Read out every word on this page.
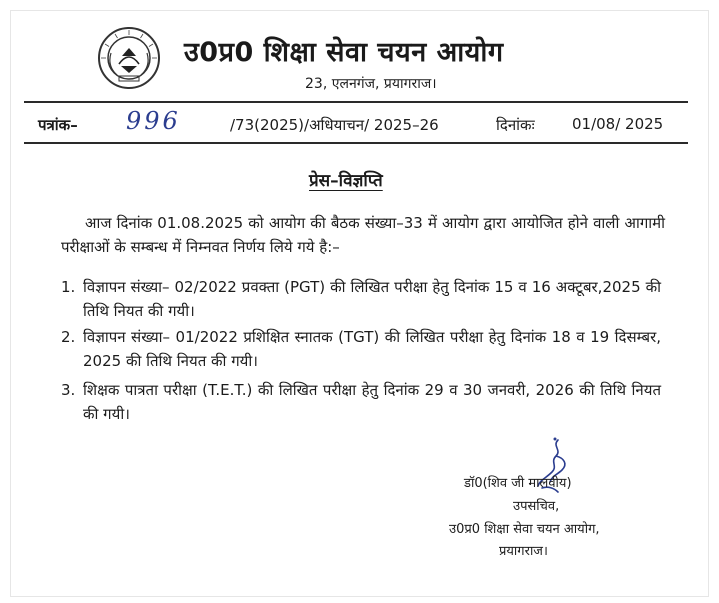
उ0प्र0 शिक्षा सेवा चयन आयोग
23, एलनगंज, प्रयागराज।
पत्रांक– 996	/73(2025)/अधियाचन/ 2025–26	दिनांकः 01/08/ 2025
प्रेस–विज्ञप्ति
आज दिनांक 01.08.2025 को आयोग की बैठक संख्या–33 में आयोग द्वारा आयोजित होने वाली आगामी परीक्षाओं के सम्बन्ध में निम्नवत निर्णय लिये गये है:–
1. विज्ञापन संख्या– 02/2022 प्रवक्ता (PGT) की लिखित परीक्षा हेतु दिनांक 15 व 16 अक्टूबर,2025 की तिथि नियत की गयी।
2. विज्ञापन संख्या– 01/2022 प्रशिक्षित स्नातक (TGT) की लिखित परीक्षा हेतु दिनांक 18 व 19 दिसम्बर, 2025 की तिथि नियत की गयी।
3. शिक्षक पात्रता परीक्षा (T.E.T.) की लिखित परीक्षा हेतु दिनांक 29 व 30 जनवरी, 2026 की तिथि नियत की गयी।
डॉ0(शिव जी मालवीय)
उपसचिव,
उ0प्र0 शिक्षा सेवा चयन आयोग,
प्रयागराज।
